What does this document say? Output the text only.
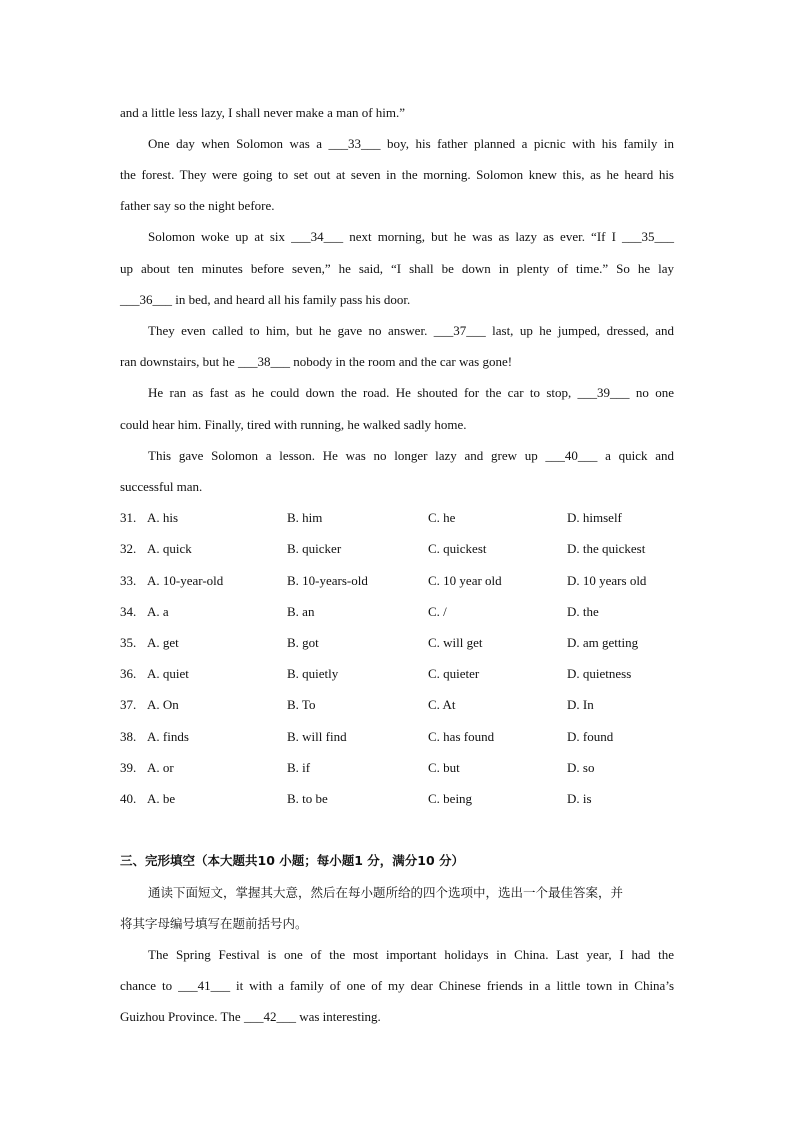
and a little less lazy, I shall never make a man of him.”
One day when Solomon was a ___33___ boy, his father planned a picnic with his family in
the forest. They were going to set out at seven in the morning. Solomon knew this, as he heard his
father say so the night before.
Solomon woke up at six ___34___ next morning, but he was as lazy as ever. “If I ___35___
up about ten minutes before seven,” he said, “I shall be down in plenty of time.” So he lay
___36___ in bed, and heard all his family pass his door.
They even called to him, but he gave no answer. ___37___ last, up he jumped, dressed, and
ran downstairs, but he ___38___ nobody in the room and the car was gone!
He ran as fast as he could down the road. He shouted for the car to stop, ___39___ no one
could hear him. Finally, tired with running, he walked sadly home.
This gave Solomon a lesson. He was no longer lazy and grew up ___40___ a quick and
successful man.
31. A. his	B. him	C. he	D. himself
32. A. quick	B. quicker	C. quickest	D. the quickest
33. A. 10-year-old	B. 10-years-old	C. 10 year old	D. 10 years old
34. A. a	B. an	C. /	D. the
35. A. get	B. got	C. will get	D. am getting
36. A. quiet	B. quietly	C. quieter	D. quietness
37. A. On	B. To	C. At	D. In
38. A. finds	B. will find	C. has found	D. found
39. A. or	B. if	C. but	D. so
40. A. be	B. to be	C. being	D. is
三、完形填空（本大题共10 小题；每小题1 分，满分10 分）
通读下面短文，掌握其大意，然后在每小题所给的四个选项中，选出一个最佳答案，并
将其字母编号填写在题前括号内。
The Spring Festival is one of the most important holidays in China. Last year, I had the
chance to ___41___ it with a family of one of my dear Chinese friends in a little town in China’s
Guizhou Province. The ___42___ was interesting.
